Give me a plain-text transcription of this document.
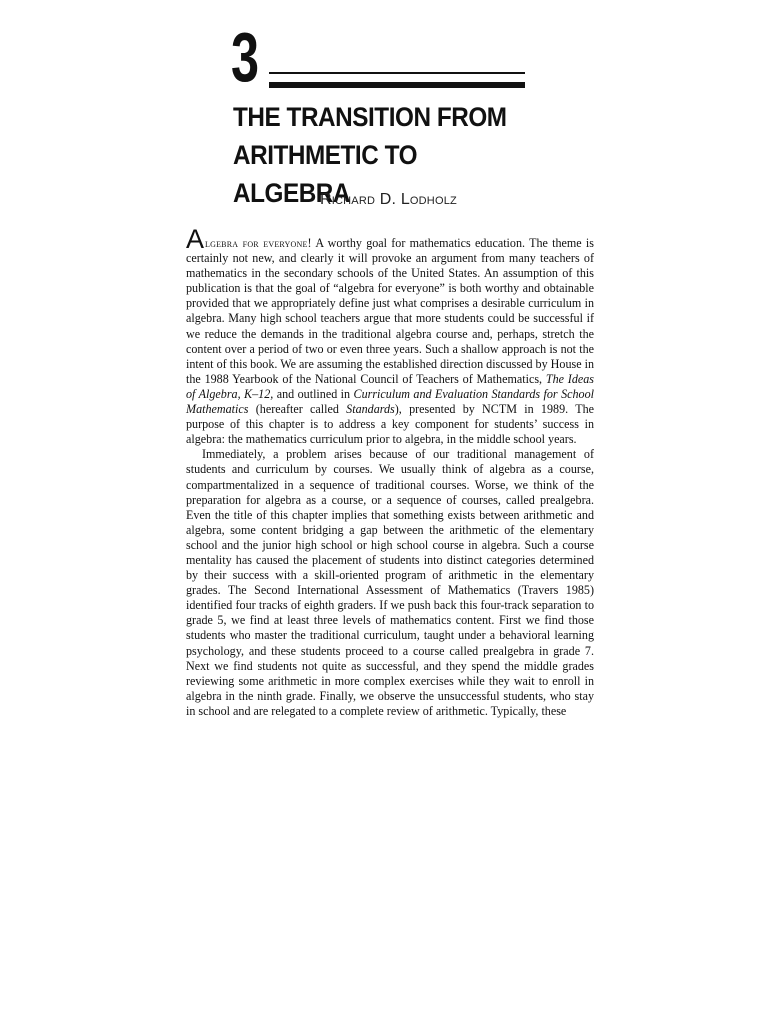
3
THE TRANSITION FROM
ARITHMETIC TO ALGEBRA
Richard D. Lodholz

Algebra for everyone! A worthy goal for mathematics education. The theme is certainly not new, and clearly it will provoke an argument from many teachers of mathematics in the secondary schools of the United States. An assumption of this publication is that the goal of “algebra for everyone” is both worthy and obtainable provided that we appropriately define just what comprises a desirable curriculum in algebra. Many high school teachers argue that more students could be successful if we reduce the demands in the traditional algebra course and, perhaps, stretch the content over a period of two or even three years. Such a shallow approach is not the intent of this book. We are assuming the established direction discussed by House in the 1988 Yearbook of the National Council of Teachers of Mathematics, The Ideas of Algebra, K–12, and outlined in Curriculum and Evaluation Standards for School Mathematics (hereafter called Standards), presented by NCTM in 1989. The purpose of this chapter is to address a key component for students’ success in algebra: the mathematics curriculum prior to algebra, in the middle school years.

Immediately, a problem arises because of our traditional management of students and curriculum by courses. We usually think of algebra as a course, compartmentalized in a sequence of traditional courses. Worse, we think of the preparation for algebra as a course, or a sequence of courses, called prealgebra. Even the title of this chapter implies that something exists between arithmetic and algebra, some content bridging a gap between the arithmetic of the elementary school and the junior high school or high school course in algebra. Such a course mentality has caused the placement of students into distinct categories determined by their success with a skill-oriented program of arithmetic in the elementary grades. The Second International Assessment of Mathematics (Travers 1985) identified four tracks of eighth graders. If we push back this four-track separation to grade 5, we find at least three levels of mathematics content. First we find those students who master the traditional curriculum, taught under a behavioral learning psychology, and these students proceed to a course called prealgebra in grade 7. Next we find students not quite as successful, and they spend the middle grades reviewing some arithmetic in more complex exercises while they wait to enroll in algebra in the ninth grade. Finally, we observe the unsuccessful students, who stay in school and are relegated to a complete review of arithmetic. Typically, these
